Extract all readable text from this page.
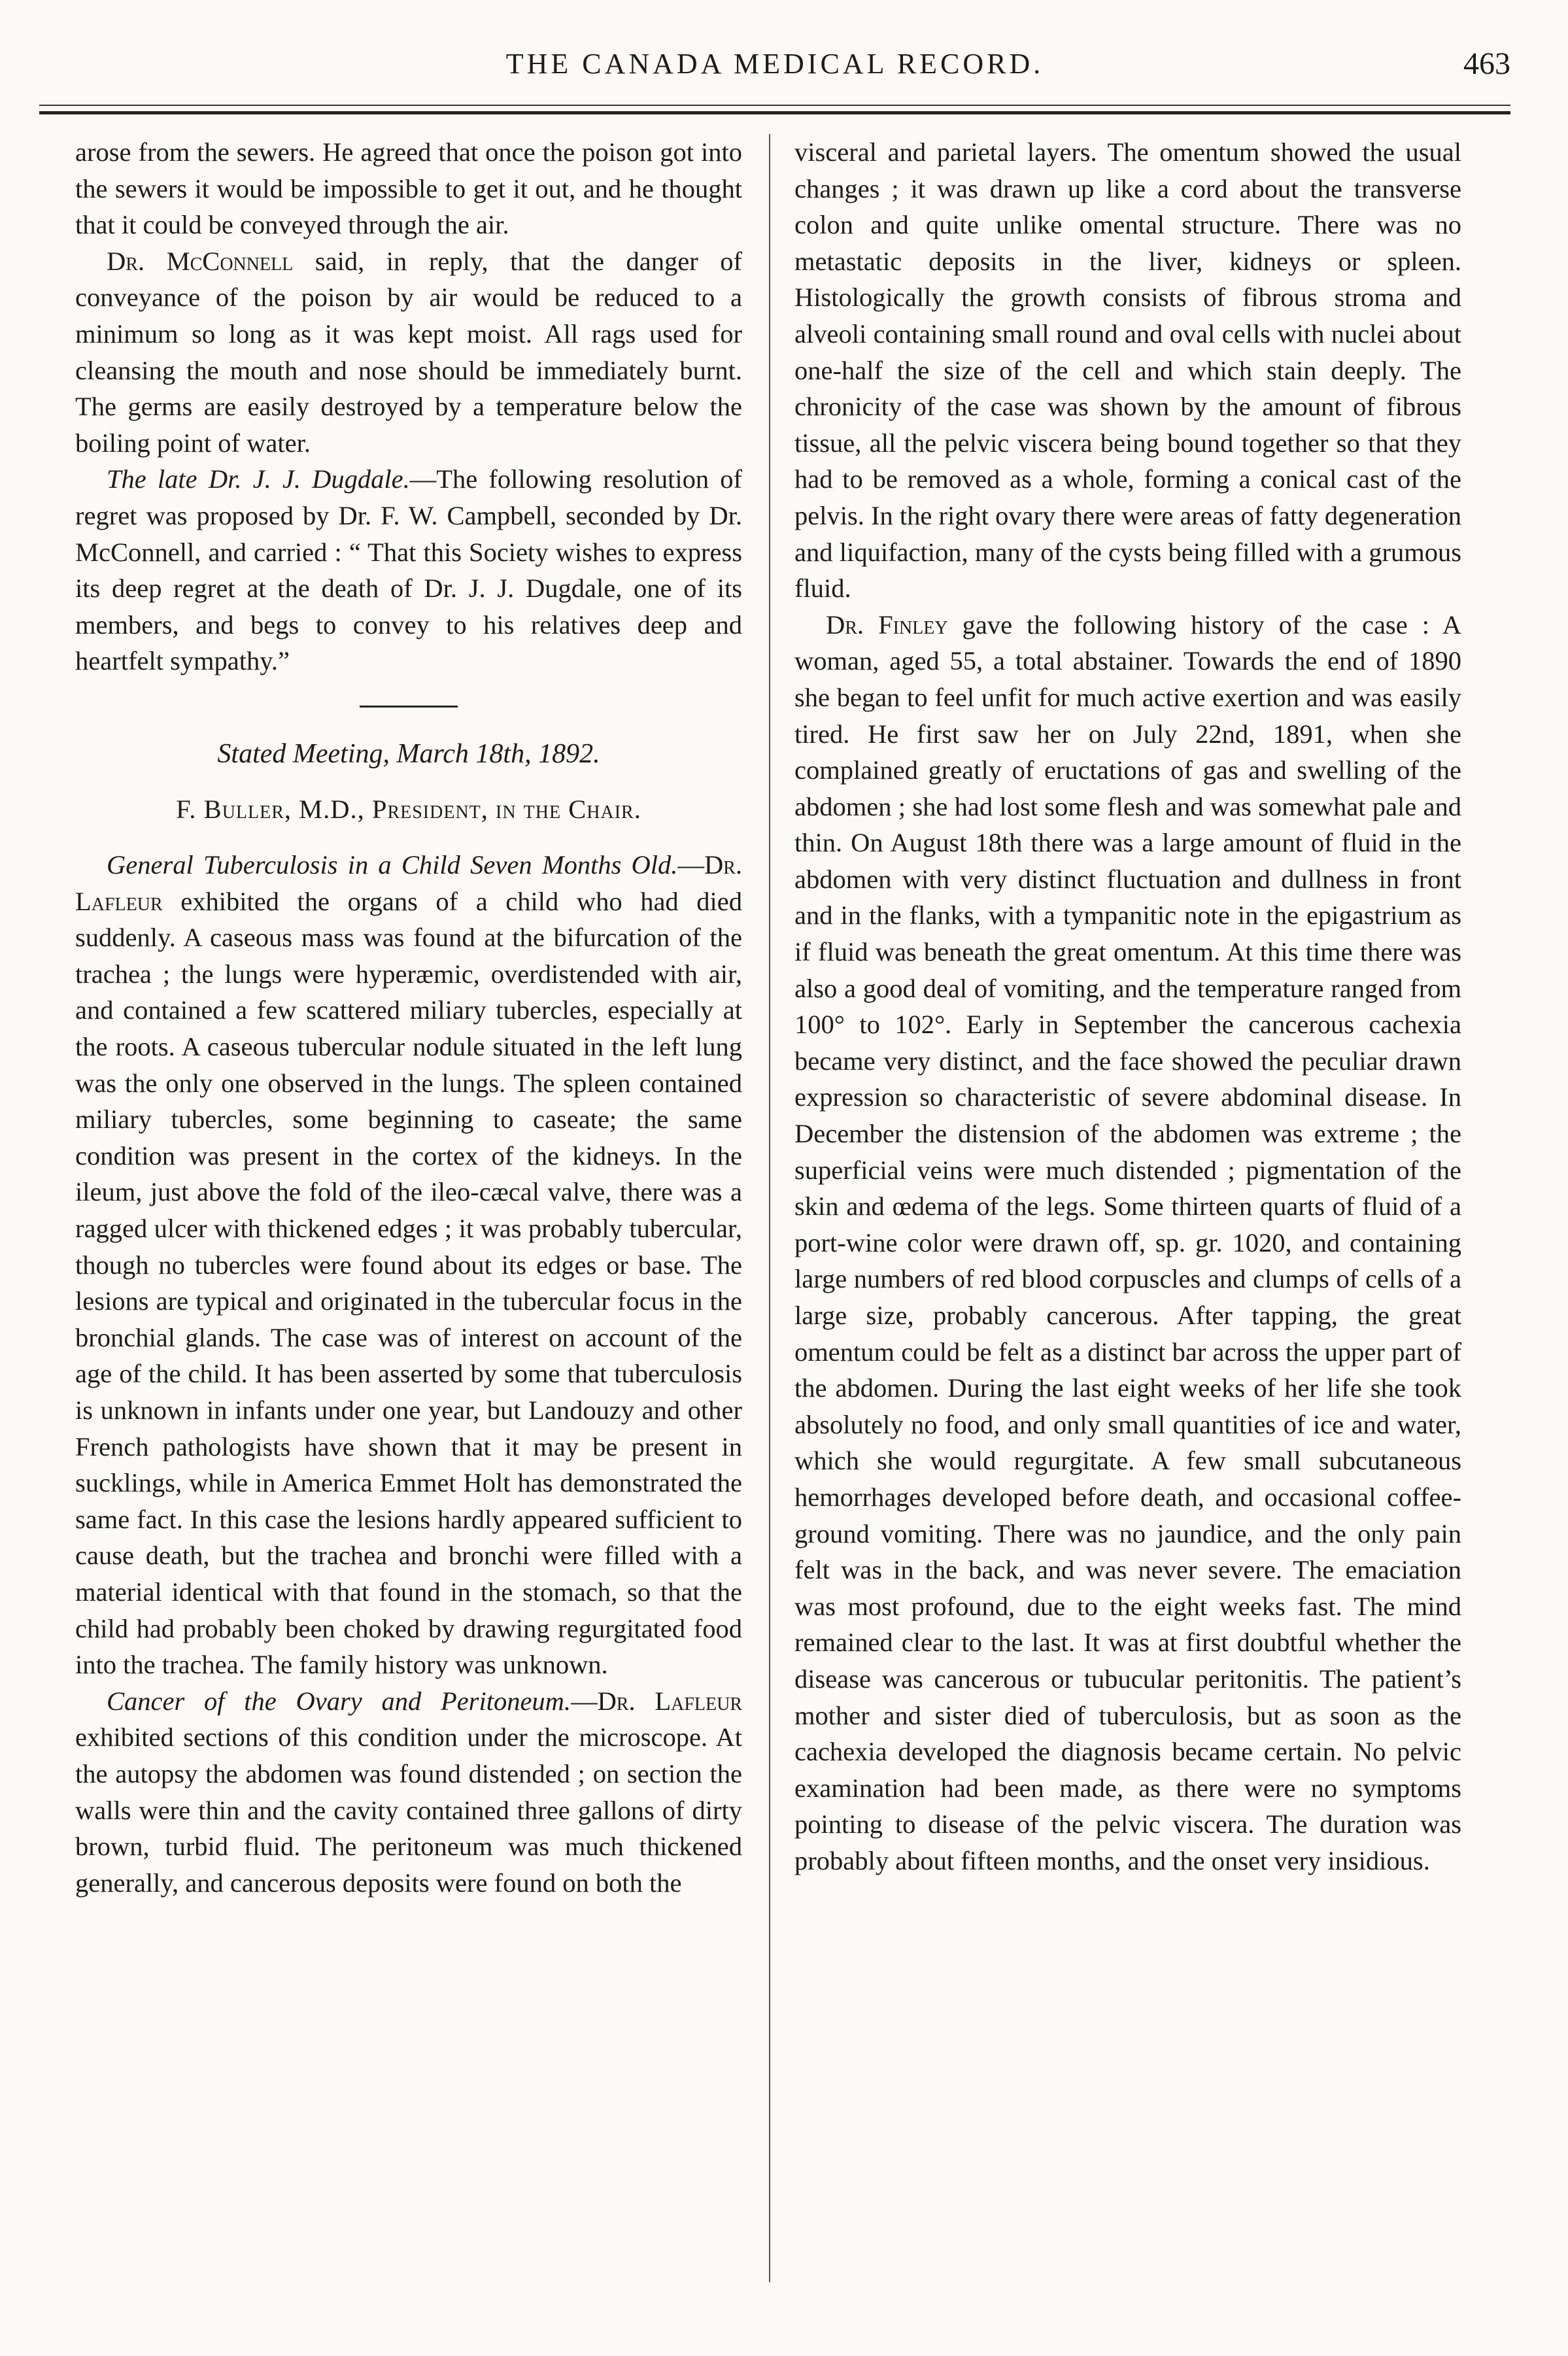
THE CANADA MEDICAL RECORD.	463

arose from the sewers. He agreed that once the poison got into the sewers it would be impossible to get it out, and he thought that it could be conveyed through the air.

Dr. McConnell said, in reply, that the danger of conveyance of the poison by air would be reduced to a minimum so long as it was kept moist. All rags used for cleansing the mouth and nose should be immediately burnt. The germs are easily destroyed by a temperature below the boiling point of water.

The late Dr. J. J. Dugdale.—The following resolution of regret was proposed by Dr. F. W. Campbell, seconded by Dr. McConnell, and carried : “ That this Society wishes to express its deep regret at the death of Dr. J. J. Dugdale, one of its members, and begs to convey to his relatives deep and heartfelt sympathy.”

Stated Meeting, March 18th, 1892.

F. Buller, M.D., President, in the Chair.

General Tuberculosis in a Child Seven Months Old.—Dr. Lafleur exhibited the organs of a child who had died suddenly. A caseous mass was found at the bifurcation of the trachea ; the lungs were hyperæmic, overdistended with air, and contained a few scattered miliary tubercles, especially at the roots. A caseous tubercular nodule situated in the left lung was the only one observed in the lungs. The spleen contained miliary tubercles, some beginning to caseate; the same condition was present in the cortex of the kidneys. In the ileum, just above the fold of the ileo-cæcal valve, there was a ragged ulcer with thickened edges ; it was probably tubercular, though no tubercles were found about its edges or base. The lesions are typical and originated in the tubercular focus in the bronchial glands. The case was of interest on account of the age of the child. It has been asserted by some that tuberculosis is unknown in infants under one year, but Landouzy and other French pathologists have shown that it may be present in sucklings, while in America Emmet Holt has demonstrated the same fact. In this case the lesions hardly appeared sufficient to cause death, but the trachea and bronchi were filled with a material identical with that found in the stomach, so that the child had probably been choked by drawing regurgitated food into the trachea. The family history was unknown.

Cancer of the Ovary and Peritoneum.—Dr. Lafleur exhibited sections of this condition under the microscope. At the autopsy the abdomen was found distended ; on section the walls were thin and the cavity contained three gallons of dirty brown, turbid fluid. The peritoneum was much thickened generally, and cancerous deposits were found on both the

visceral and parietal layers. The omentum showed the usual changes ; it was drawn up like a cord about the transverse colon and quite unlike omental structure. There was no metastatic deposits in the liver, kidneys or spleen. Histologically the growth consists of fibrous stroma and alveoli containing small round and oval cells with nuclei about one-half the size of the cell and which stain deeply. The chronicity of the case was shown by the amount of fibrous tissue, all the pelvic viscera being bound together so that they had to be removed as a whole, forming a conical cast of the pelvis. In the right ovary there were areas of fatty degeneration and liquifaction, many of the cysts being filled with a grumous fluid.

Dr. Finley gave the following history of the case : A woman, aged 55, a total abstainer. Towards the end of 1890 she began to feel unfit for much active exertion and was easily tired. He first saw her on July 22nd, 1891, when she complained greatly of eructations of gas and swelling of the abdomen ; she had lost some flesh and was somewhat pale and thin. On August 18th there was a large amount of fluid in the abdomen with very distinct fluctuation and dullness in front and in the flanks, with a tympanitic note in the epigastrium as if fluid was beneath the great omentum. At this time there was also a good deal of vomiting, and the temperature ranged from 100° to 102°. Early in September the cancerous cachexia became very distinct, and the face showed the peculiar drawn expression so characteristic of severe abdominal disease. In December the distension of the abdomen was extreme ; the superficial veins were much distended ; pigmentation of the skin and œdema of the legs. Some thirteen quarts of fluid of a port-wine color were drawn off, sp. gr. 1020, and containing large numbers of red blood corpuscles and clumps of cells of a large size, probably cancerous. After tapping, the great omentum could be felt as a distinct bar across the upper part of the abdomen. During the last eight weeks of her life she took absolutely no food, and only small quantities of ice and water, which she would regurgitate. A few small subcutaneous hemorrhages developed before death, and occasional coffee-ground vomiting. There was no jaundice, and the only pain felt was in the back, and was never severe. The emaciation was most profound, due to the eight weeks fast. The mind remained clear to the last. It was at first doubtful whether the disease was cancerous or tubucular peritonitis. The patient’s mother and sister died of tuberculosis, but as soon as the cachexia developed the diagnosis became certain. No pelvic examination had been made, as there were no symptoms pointing to disease of the pelvic viscera. The duration was probably about fifteen months, and the onset very insidious.
